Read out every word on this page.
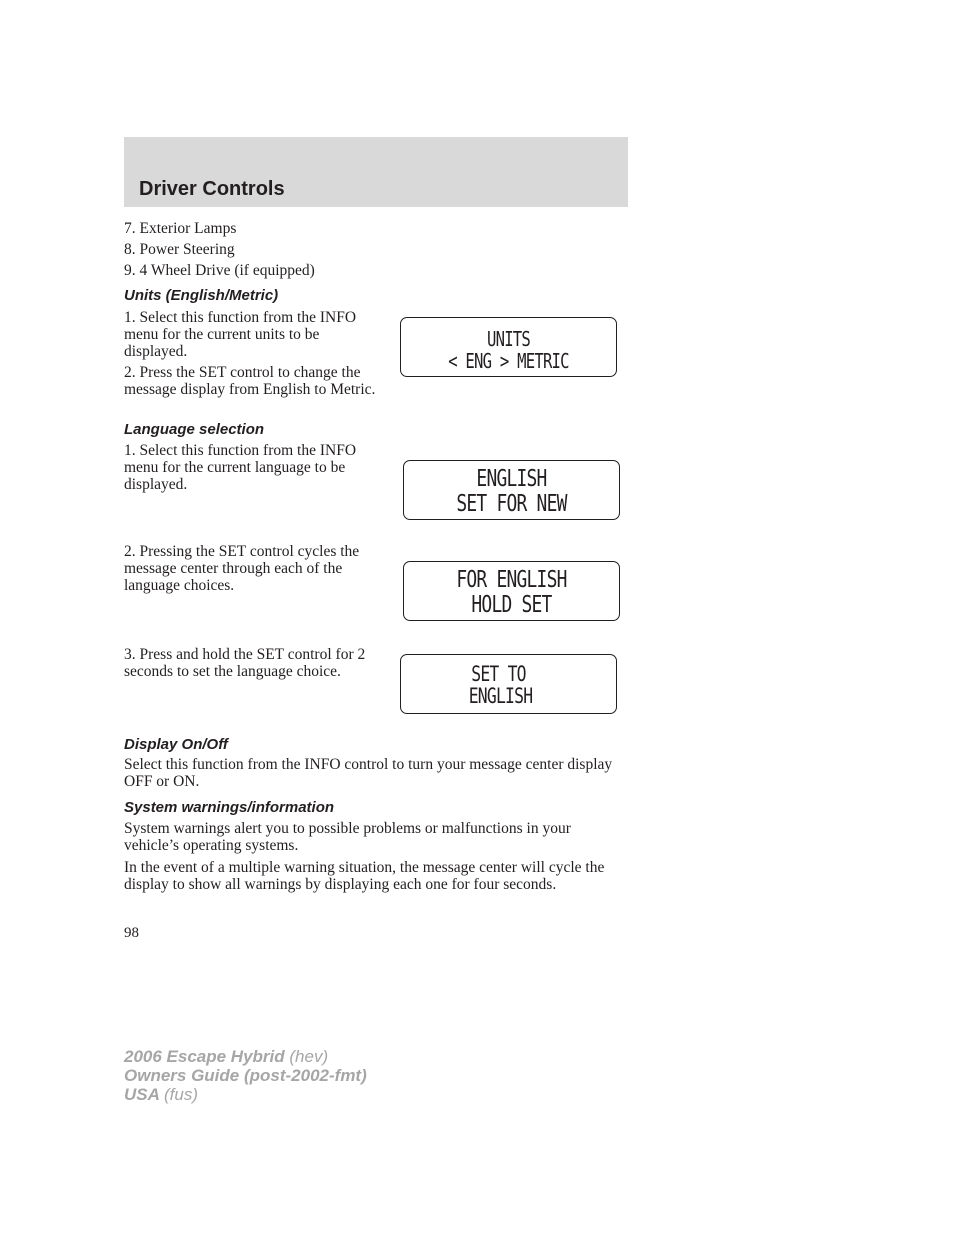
Driver Controls
7. Exterior Lamps
8. Power Steering
9. 4 Wheel Drive (if equipped)
Units (English/Metric)
1. Select this function from the INFO menu for the current units to be displayed.
2. Press the SET control to change the message display from English to Metric.
UNITS
< ENG > METRIC
Language selection
1. Select this function from the INFO menu for the current language to be displayed.	ENGLISH
SET FOR NEW
2. Pressing the SET control cycles the message center through each of the language choices.	FOR ENGLISH
HOLD SET
3. Press and hold the SET control for 2 seconds to set the language choice.	SET TO
ENGLISH
Display On/Off
Select this function from the INFO control to turn your message center display OFF or ON.
System warnings/information
System warnings alert you to possible problems or malfunctions in your vehicle’s operating systems.
In the event of a multiple warning situation, the message center will cycle the display to show all warnings by displaying each one for four seconds.
98
2006 Escape Hybrid (hev)
Owners Guide (post-2002-fmt)
USA (fus)
